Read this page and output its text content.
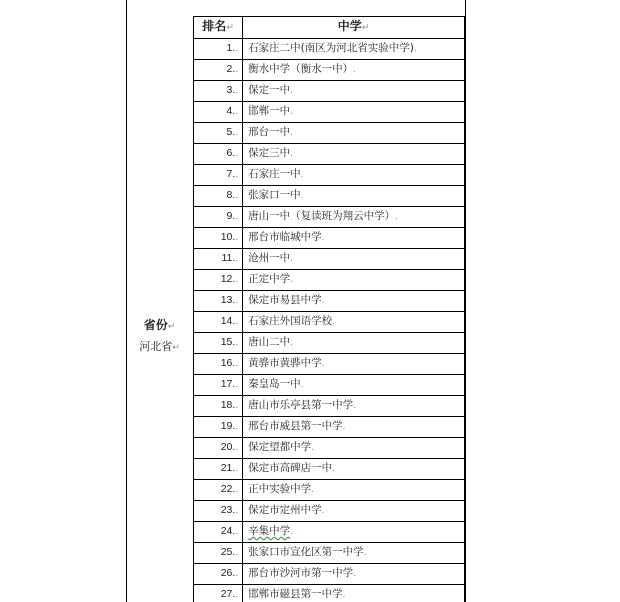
省份↵
河北省↵
排名↵	中学↵
1..	石家庄二中(南区为河北省实验中学).
2..	衡水中学（衡水一中）.
3..	保定一中.
4..	邯郸一中.
5..	邢台一中.
6..	保定三中.
7..	石家庄一中.
8..	张家口一中.
9..	唐山一中（复读班为翔云中学）.
10..	邢台市临城中学.
11..	沧州一中.
12..	正定中学.
13..	保定市易县中学.
14..	石家庄外国语学校.
15..	唐山二中.
16..	黄骅市黄骅中学.
17..	秦皇岛一中.
18..	唐山市乐亭县第一中学.
19..	邢台市威县第一中学.
20..	保定望都中学.
21..	保定市高碑店一中.
22..	正中实验中学.
23..	保定市定州中学.
24..	辛集中学.
25..	张家口市宣化区第一中学.
26..	邢台市沙河市第一中学.
27..	邯郸市磁县第一中学.
